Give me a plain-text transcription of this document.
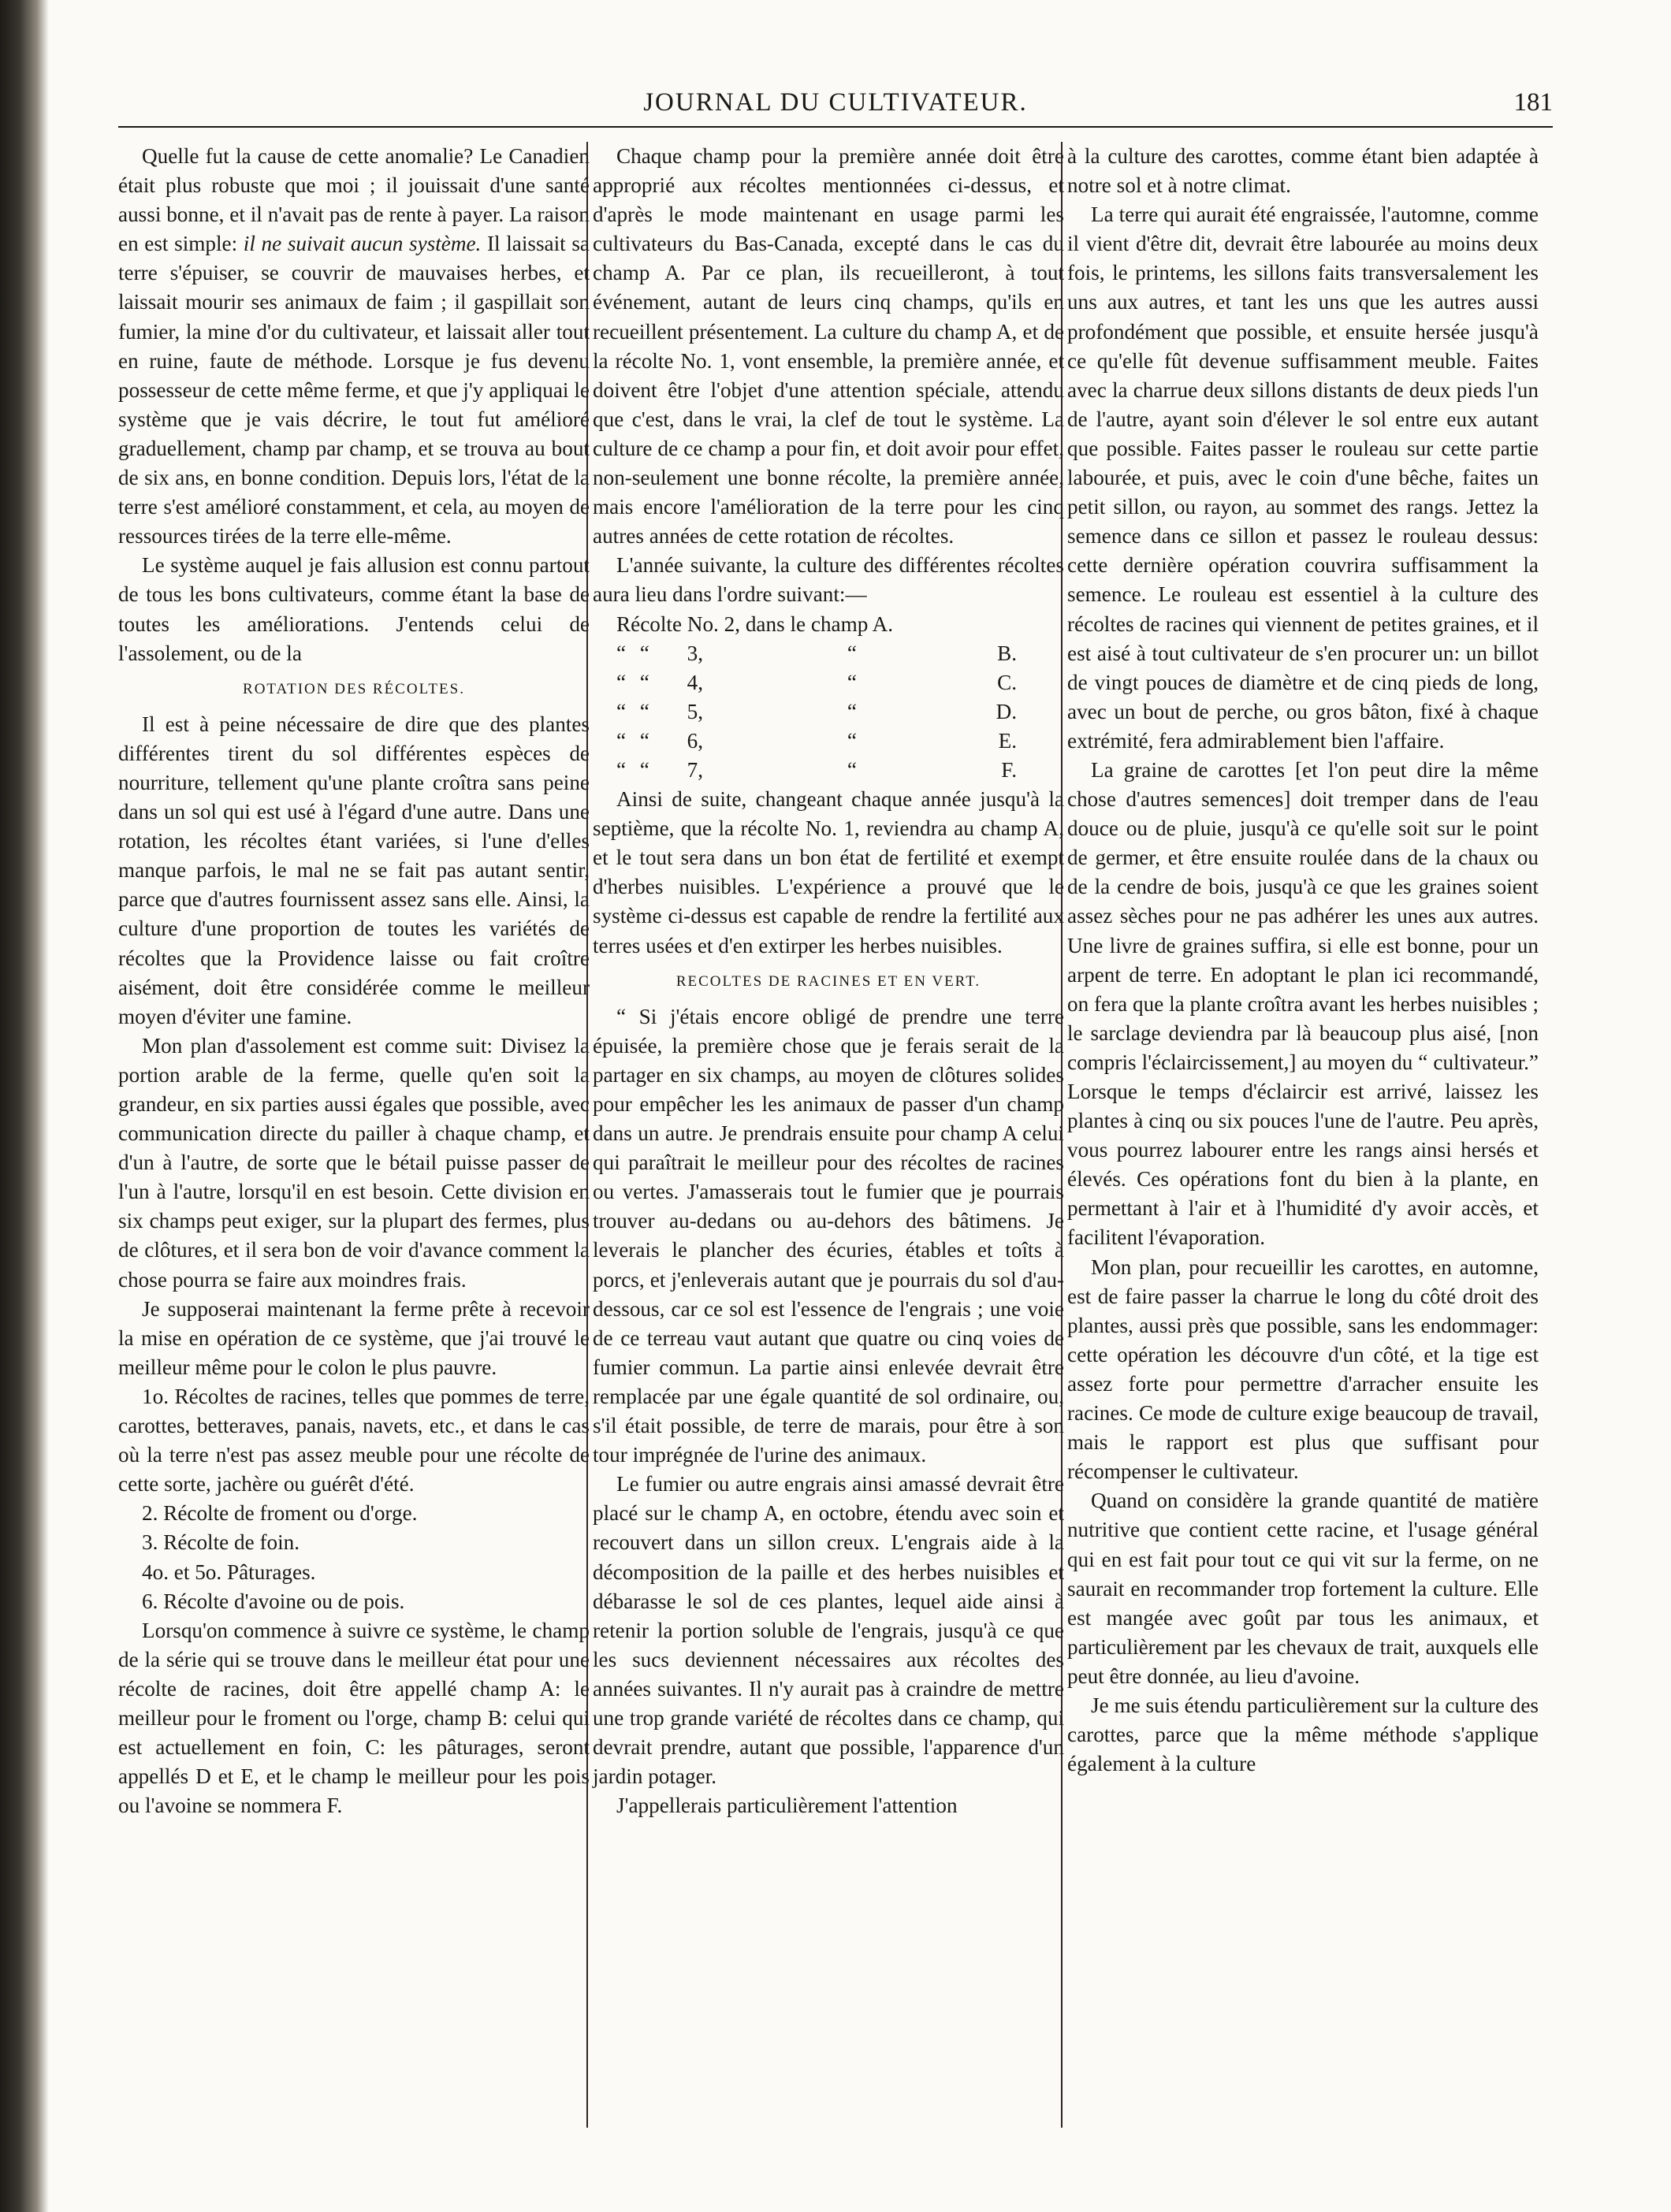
JOURNAL DU CULTIVATEUR.	181

Quelle fut la cause de cette anomalie? Le Canadien était plus robuste que moi ; il jouissait d'une santé aussi bonne, et il n'avait pas de rente à payer. La raison en est simple: il ne suivait aucun système. Il laissait sa terre s'épuiser, se couvrir de mauvaises herbes, et laissait mourir ses animaux de faim ; il gaspillait son fumier, la mine d'or du cultivateur, et laissait aller tout en ruine, faute de méthode. Lorsque je fus devenu possesseur de cette même ferme, et que j'y appliquai le système que je vais décrire, le tout fut amélioré graduellement, champ par champ, et se trouva au bout de six ans, en bonne condition. Depuis lors, l'état de la terre s'est amélioré constamment, et cela, au moyen de ressources tirées de la terre elle-même.

Le système auquel je fais allusion est connu partout de tous les bons cultivateurs, comme étant la base de toutes les améliorations. J'entends celui de l'assolement, ou de la

ROTATION DES RÉCOLTES.

Il est à peine nécessaire de dire que des plantes différentes tirent du sol différentes espèces de nourriture, tellement qu'une plante croîtra sans peine dans un sol qui est usé à l'égard d'une autre. Dans une rotation, les récoltes étant variées, si l'une d'elles manque parfois, le mal ne se fait pas autant sentir, parce que d'autres fournissent assez sans elle. Ainsi, la culture d'une proportion de toutes les variétés de récoltes que la Providence laisse ou fait croître aisément, doit être considérée comme le meilleur moyen d'éviter une famine.

Mon plan d'assolement est comme suit: Divisez la portion arable de la ferme, quelle qu'en soit la grandeur, en six parties aussi égales que possible, avec communication directe du pailler à chaque champ, et d'un à l'autre, de sorte que le bétail puisse passer de l'un à l'autre, lorsqu'il en est besoin. Cette division en six champs peut exiger, sur la plupart des fermes, plus de clôtures, et il sera bon de voir d'avance comment la chose pourra se faire aux moindres frais.

Je supposerai maintenant la ferme prête à recevoir la mise en opération de ce système, que j'ai trouvé le meilleur même pour le colon le plus pauvre.

1o. Récoltes de racines, telles que pommes de terre, carottes, betteraves, panais, navets, etc., et dans le cas où la terre n'est pas assez meuble pour une récolte de cette sorte, jachère ou guérêt d'été.

2. Récolte de froment ou d'orge.

3. Récolte de foin.

4o. et 5o. Pâturages.

6. Récolte d'avoine ou de pois.

Lorsqu'on commence à suivre ce système, le champ de la série qui se trouve dans le meilleur état pour une récolte de racines, doit être appellé champ A: le meilleur pour le froment ou l'orge, champ B: celui qui est actuellement en foin, C: les pâturages, seront appellés D et E, et le champ le meilleur pour les pois ou l'avoine se nommera F.

Chaque champ pour la première année doit être approprié aux récoltes mentionnées ci-dessus, et d'après le mode maintenant en usage parmi les cultivateurs du Bas-Canada, excepté dans le cas du champ A. Par ce plan, ils recueilleront, à tout événement, autant de leurs cinq champs, qu'ils en recueillent présentement. La culture du champ A, et de la récolte No. 1, vont ensemble, la première année, et doivent être l'objet d'une attention spéciale, attendu que c'est, dans le vrai, la clef de tout le système. La culture de ce champ a pour fin, et doit avoir pour effet, non-seulement une bonne récolte, la première année, mais encore l'amélioration de la terre pour les cinq autres années de cette rotation de récoltes.

L'année suivante, la culture des différentes récoltes aura lieu dans l'ordre suivant:—

Récolte No. 2, dans le champ A.

“	“	3,	“	B.
“	“	4,	“	C.
“	“	5,	“	D.
“	“	6,	“	E.
“	“	7,	“	F.

Ainsi de suite, changeant chaque année jusqu'à la septième, que la récolte No. 1, reviendra au champ A, et le tout sera dans un bon état de fertilité et exempt d'herbes nuisibles. L'expérience a prouvé que le système ci-dessus est capable de rendre la fertilité aux terres usées et d'en extirper les herbes nuisibles.

RECOLTES DE RACINES ET EN VERT.

“ Si j'étais encore obligé de prendre une terre épuisée, la première chose que je ferais serait de la partager en six champs, au moyen de clôtures solides pour empêcher les les animaux de passer d'un champ dans un autre. Je prendrais ensuite pour champ A celui qui paraîtrait le meilleur pour des récoltes de racines ou vertes. J'amasserais tout le fumier que je pourrais trouver au-dedans ou au-dehors des bâtimens. Je leverais le plancher des écuries, étables et toîts à porcs, et j'enleverais autant que je pourrais du sol d'au-dessous, car ce sol est l'essence de l'engrais ; une voie de ce terreau vaut autant que quatre ou cinq voies de fumier commun. La partie ainsi enlevée devrait être remplacée par une égale quantité de sol ordinaire, ou, s'il était possible, de terre de marais, pour être à son tour imprégnée de l'urine des animaux.

Le fumier ou autre engrais ainsi amassé devrait être placé sur le champ A, en octobre, étendu avec soin et recouvert dans un sillon creux. L'engrais aide à la décomposition de la paille et des herbes nuisibles et débarasse le sol de ces plantes, lequel aide ainsi à retenir la portion soluble de l'engrais, jusqu'à ce que les sucs deviennent nécessaires aux récoltes des années suivantes. Il n'y aurait pas à craindre de mettre une trop grande variété de récoltes dans ce champ, qui devrait prendre, autant que possible, l'apparence d'un jardin potager.

J'appellerais particulièrement l'attention

à la culture des carottes, comme étant bien adaptée à notre sol et à notre climat.

La terre qui aurait été engraissée, l'automne, comme il vient d'être dit, devrait être labourée au moins deux fois, le printems, les sillons faits transversalement les uns aux autres, et tant les uns que les autres aussi profondément que possible, et ensuite hersée jusqu'à ce qu'elle fût devenue suffisamment meuble. Faites avec la charrue deux sillons distants de deux pieds l'un de l'autre, ayant soin d'élever le sol entre eux autant que possible. Faites passer le rouleau sur cette partie labourée, et puis, avec le coin d'une bêche, faites un petit sillon, ou rayon, au sommet des rangs. Jettez la semence dans ce sillon et passez le rouleau dessus: cette dernière opération couvrira suffisamment la semence. Le rouleau est essentiel à la culture des récoltes de racines qui viennent de petites graines, et il est aisé à tout cultivateur de s'en procurer un: un billot de vingt pouces de diamètre et de cinq pieds de long, avec un bout de perche, ou gros bâton, fixé à chaque extrémité, fera admirablement bien l'affaire.

La graine de carottes [et l'on peut dire la même chose d'autres semences] doit tremper dans de l'eau douce ou de pluie, jusqu'à ce qu'elle soit sur le point de germer, et être ensuite roulée dans de la chaux ou de la cendre de bois, jusqu'à ce que les graines soient assez sèches pour ne pas adhérer les unes aux autres. Une livre de graines suffira, si elle est bonne, pour un arpent de terre. En adoptant le plan ici recommandé, on fera que la plante croîtra avant les herbes nuisibles ; le sarclage deviendra par là beaucoup plus aisé, [non compris l'éclaircissement,] au moyen du “ cultivateur.” Lorsque le temps d'éclaircir est arrivé, laissez les plantes à cinq ou six pouces l'une de l'autre. Peu après, vous pourrez labourer entre les rangs ainsi hersés et élevés. Ces opérations font du bien à la plante, en permettant à l'air et à l'humidité d'y avoir accès, et facilitent l'évaporation.

Mon plan, pour recueillir les carottes, en automne, est de faire passer la charrue le long du côté droit des plantes, aussi près que possible, sans les endommager: cette opération les découvre d'un côté, et la tige est assez forte pour permettre d'arracher ensuite les racines. Ce mode de culture exige beaucoup de travail, mais le rapport est plus que suffisant pour récompenser le cultivateur.

Quand on considère la grande quantité de matière nutritive que contient cette racine, et l'usage général qui en est fait pour tout ce qui vit sur la ferme, on ne saurait en recommander trop fortement la culture. Elle est mangée avec goût par tous les animaux, et particulièrement par les chevaux de trait, auxquels elle peut être donnée, au lieu d'avoine.

Je me suis étendu particulièrement sur la culture des carottes, parce que la même méthode s'applique également à la culture
